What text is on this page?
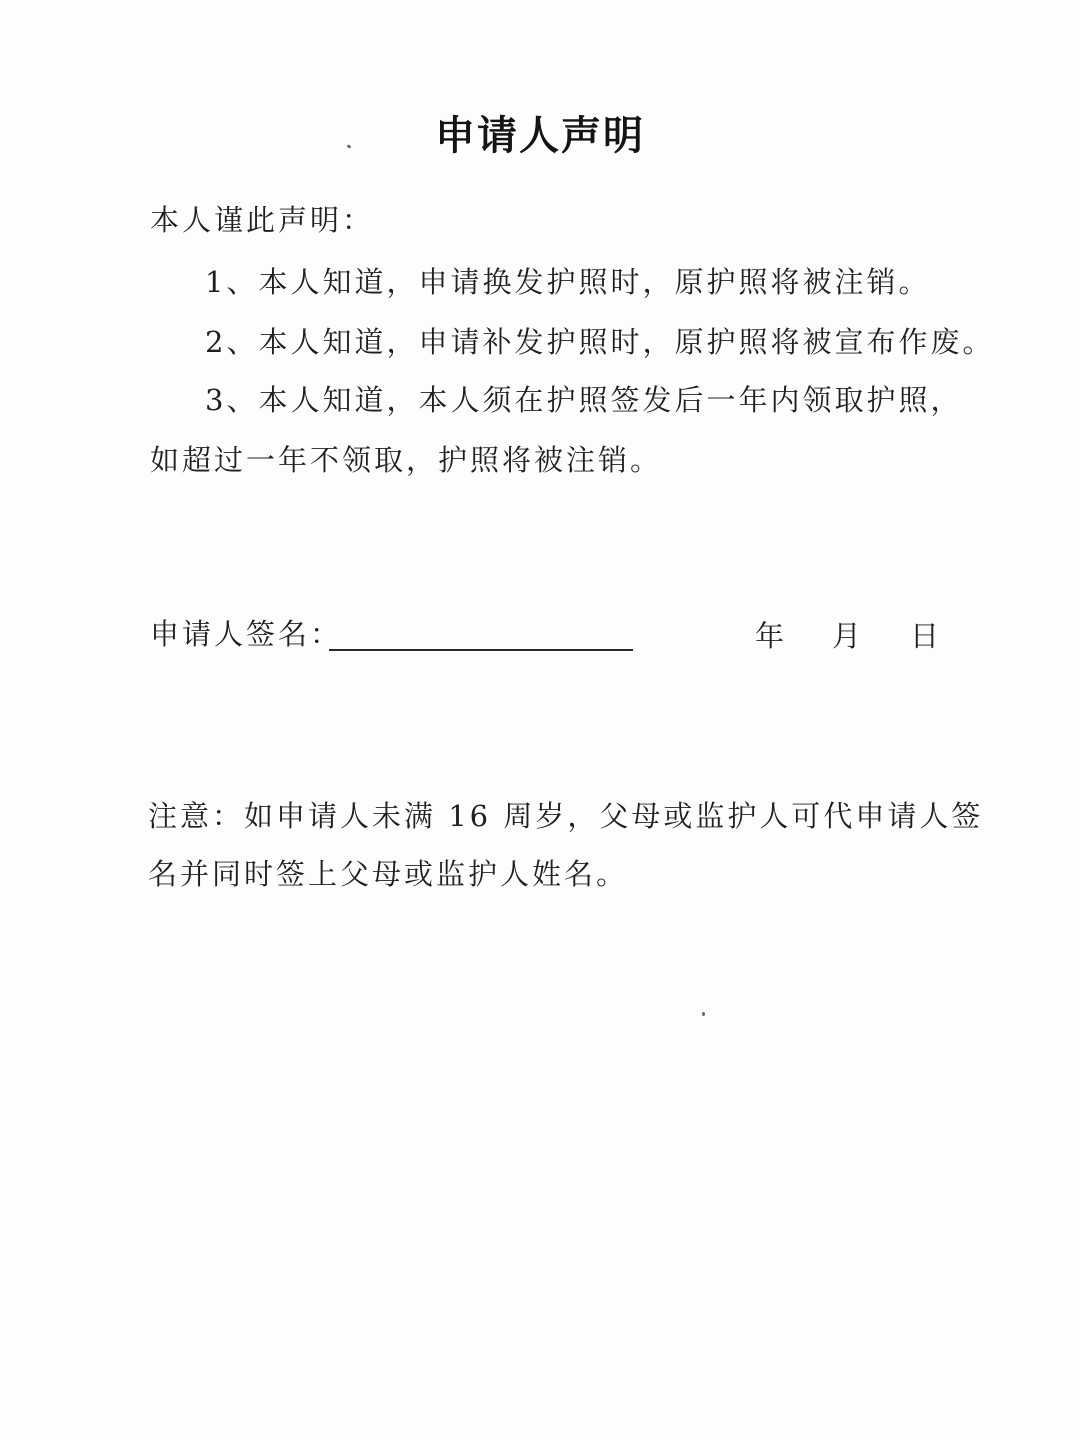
申请人声明
本人谨此声明：
1、本人知道，申请换发护照时，原护照将被注销。
2、本人知道，申请补发护照时，原护照将被宣布作废。
3、本人知道，本人须在护照签发后一年内领取护照，
如超过一年不领取，护照将被注销。
申请人签名：	年 月 日
注意：如申请人未满 16 周岁，父母或监护人可代申请人签
名并同时签上父母或监护人姓名。
